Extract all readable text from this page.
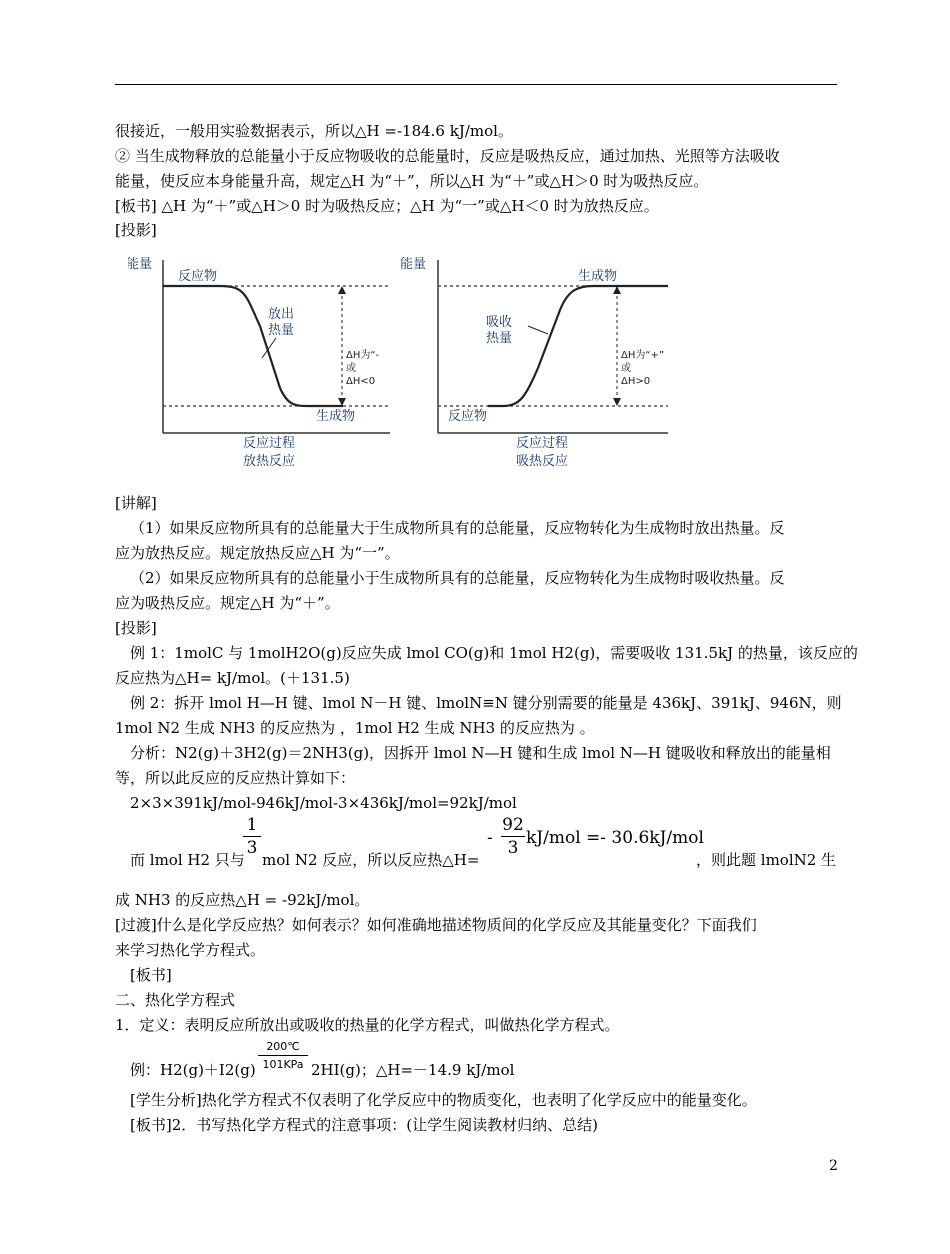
很接近，一般用实验数据表示，所以△H =-184.6 kJ/mol。
② 当生成物释放的总能量小于反应物吸收的总能量时，反应是吸热反应，通过加热、光照等方法吸收
能量，使反应本身能量升高，规定△H 为“＋”，所以△H 为“＋”或△H＞0 时为吸热反应。
[板书] △H 为“＋”或△H＞0 时为吸热反应；△H 为“一”或△H＜0 时为放热反应。
[投影]
能量
反应物
放出
热量
ΔH为“-
或
ΔH<0
生成物
反应过程
放热反应
能量
生成物
吸收
热量
ΔH为“+”
或
ΔH>0
反应物
反应过程
吸热反应
[讲解]
（1）如果反应物所具有的总能量大于生成物所具有的总能量，反应物转化为生成物时放出热量。反
应为放热反应。规定放热反应△H 为“一”。
（2）如果反应物所具有的总能量小于生成物所具有的总能量，反应物转化为生成物时吸收热量。反
应为吸热反应。规定△H 为“＋”。
[投影]
例 1：1molC 与 1molH2O(g)反应失成 lmol CO(g)和 1mol H2(g)，需要吸收 131.5kJ 的热量，该反应的
反应热为△H= kJ/mol。(＋131.5)
例 2：拆开 lmol H—H 键、lmol N－H 键、lmolN≡N 键分别需要的能量是 436kJ、391kJ、946N，则
1mol N2 生成 NH3 的反应热为 ，1mol H2 生成 NH3 的反应热为 。
分析：N2(g)＋3H2(g)＝2NH3(g)，因拆开 lmol N—H 键和生成 lmol N—H 键吸收和释放出的能量相
等，所以此反应的反应热计算如下：
2×3×391kJ/mol-946kJ/mol-3×436kJ/mol=92kJ/mol
而 lmol H2 只与
1
3
mol N2 反应，所以反应热△H=
-
92
3 kJ/mol =- 30.6kJ/mol
，则此题 lmolN2 生
成 NH3 的反应热△H = -92kJ/mol。
[过渡]什么是化学反应热？如何表示？如何准确地描述物质间的化学反应及其能量变化？下面我们
来学习热化学方程式。
[板书]
二、热化学方程式
1．定义：表明反应所放出或吸收的热量的化学方程式，叫做热化学方程式。
例：H2(g)＋I2(g)
200℃
101KPa 2HI(g)；△H=－14.9 kJ/mol
[学生分析]热化学方程式不仅表明了化学反应中的物质变化，也表明了化学反应中的能量变化。
[板书]2．书写热化学方程式的注意事项：(让学生阅读教材归纳、总结)
2
